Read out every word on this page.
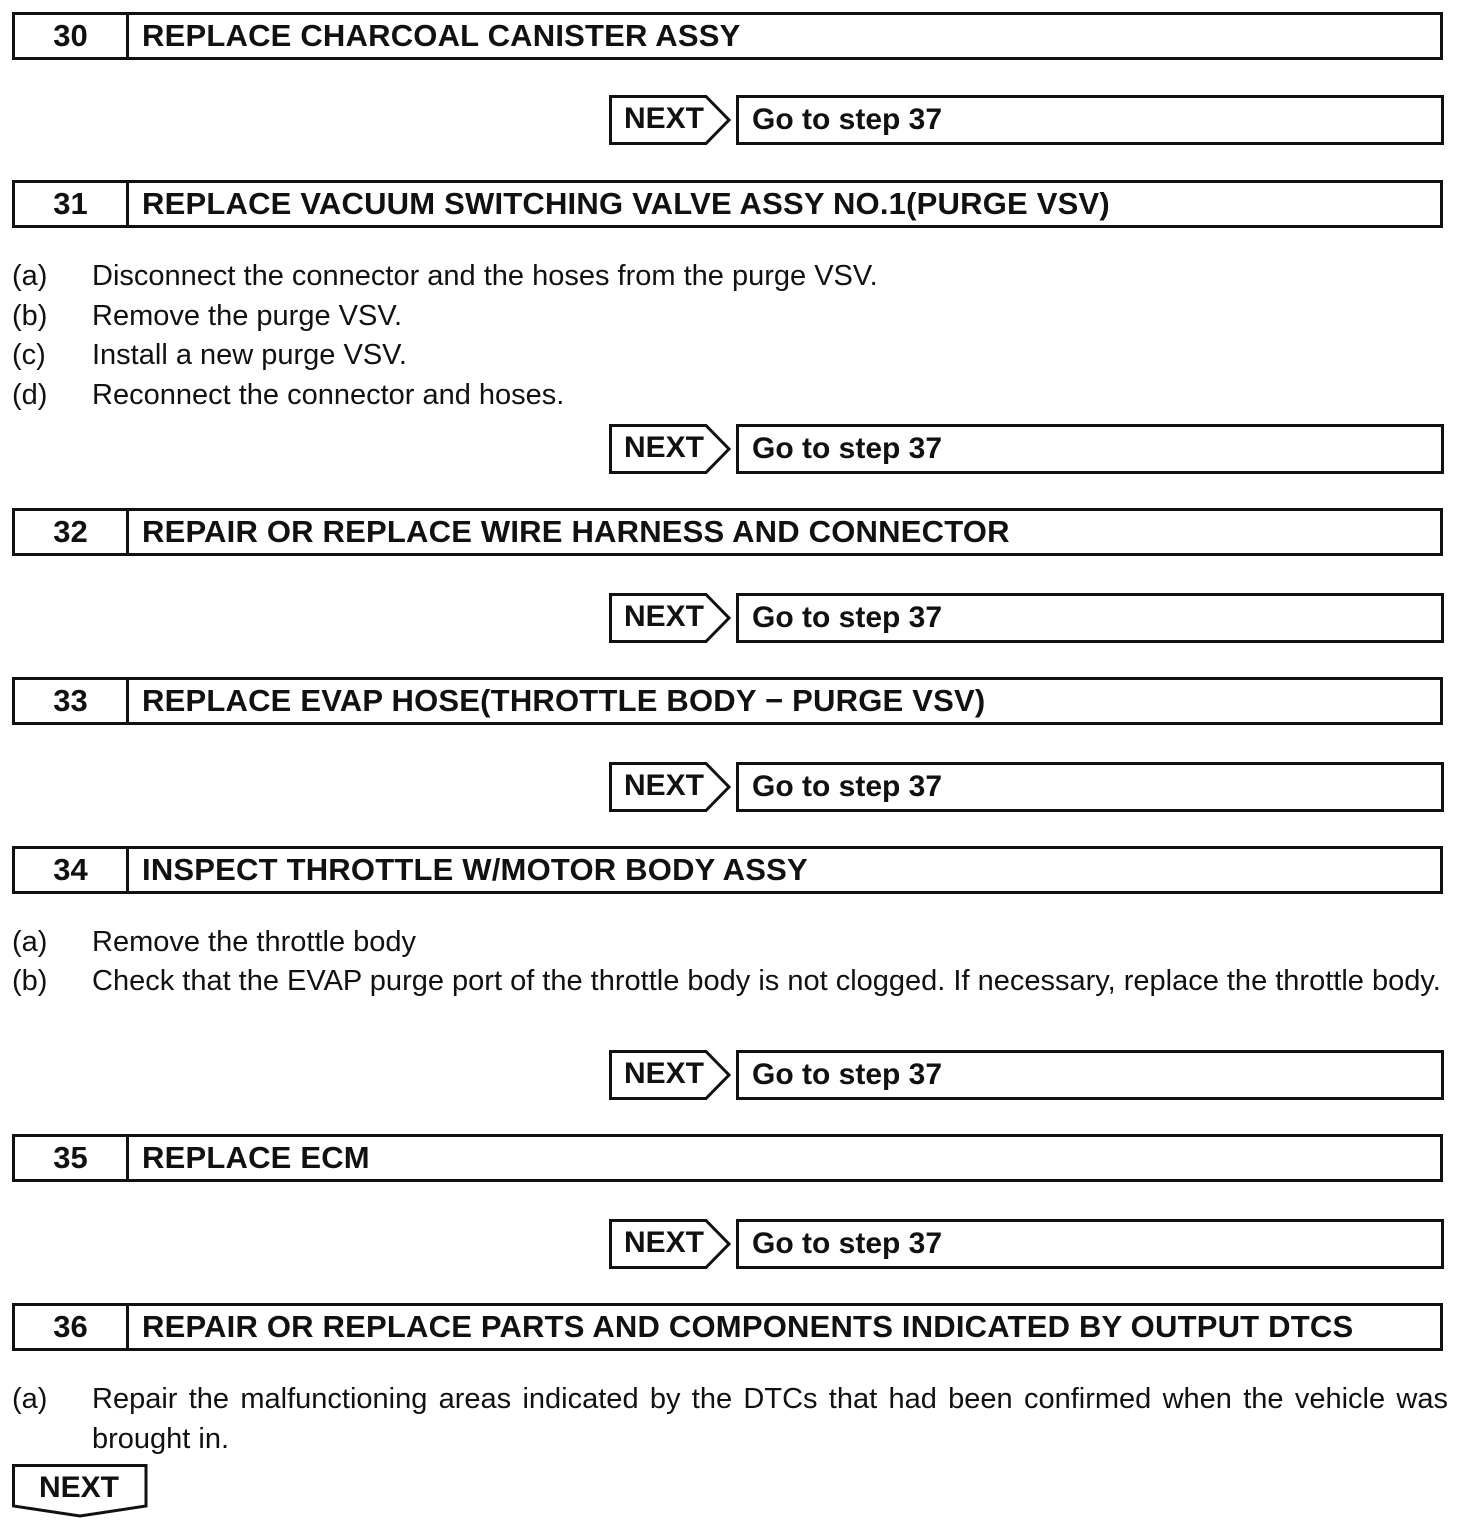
30	REPLACE CHARCOAL CANISTER ASSY
NEXT	Go to step 37
31	REPLACE VACUUM SWITCHING VALVE ASSY NO.1(PURGE VSV)
(a) Disconnect the connector and the hoses from the purge VSV.
(b) Remove the purge VSV.
(c) Install a new purge VSV.
(d) Reconnect the connector and hoses.
NEXT	Go to step 37
32	REPAIR OR REPLACE WIRE HARNESS AND CONNECTOR
NEXT	Go to step 37
33	REPLACE EVAP HOSE(THROTTLE BODY − PURGE VSV)
NEXT	Go to step 37
34	INSPECT THROTTLE W/MOTOR BODY ASSY
(a) Remove the throttle body
(b) Check that the EVAP purge port of the throttle body is not clogged. If necessary, replace the throttle body.
NEXT	Go to step 37
35	REPLACE ECM
NEXT	Go to step 37
36	REPAIR OR REPLACE PARTS AND COMPONENTS INDICATED BY OUTPUT DTCS
(a) Repair the malfunctioning areas indicated by the DTCs that had been confirmed when the vehicle was brought in.
NEXT
